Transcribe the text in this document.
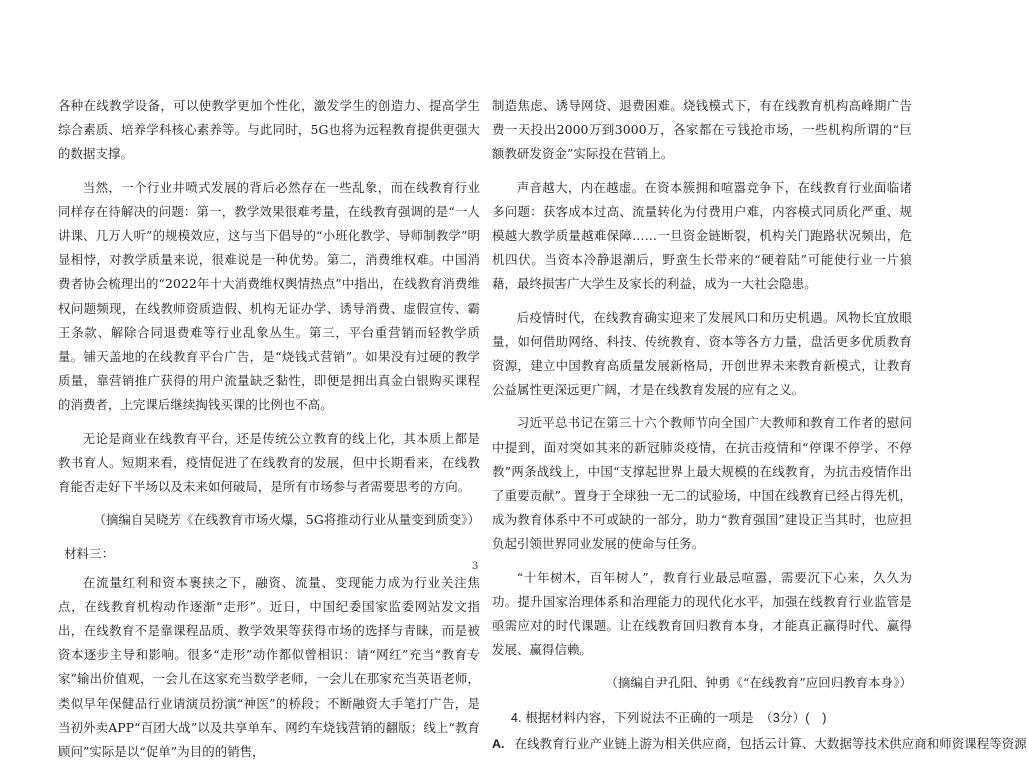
各种在线教学设备，可以使教学更加个性化，激发学生的创造力、提高学生综合素质、培养学科核心素养等。与此同时，5G也将为远程教育提供更强大的数据支撑。

当然，一个行业井喷式发展的背后必然存在一些乱象，而在线教育行业同样存在待解决的问题：第一，教学效果很难考量，在线教育强调的是“一人讲课、几万人听”的规模效应，这与当下倡导的“小班化教学、导师制教学”明显相悖，对教学质量来说，很难说是一种优势。第二，消费维权难。中国消费者协会梳理出的“2022年十大消费维权舆情热点”中指出，在线教育消费维权问题频现，在线教师资质造假、机构无证办学、诱导消费、虚假宣传、霸王条款、解除合同退费难等行业乱象丛生。第三，平台重营销而轻教学质量。铺天盖地的在线教育平台广告，是“烧钱式营销”。如果没有过硬的教学质量，靠营销推广获得的用户流量缺乏黏性，即便是拥出真金白银购买课程的消费者，上完课后继续掏钱买课的比例也不高。

无论是商业在线教育平台，还是传统公立教育的线上化，其本质上都是教书育人。短期来看，疫情促进了在线教育的发展，但中长期看来，在线教育能否走好下半场以及未来如何破局，是所有市场参与者需要思考的方向。

（摘编自吴晓芳《在线教育市场火爆，5G将推动行业从量变到质变》）

材料三：

在流量红利和资本裹挟之下，融资、流量、变现能力成为行业关注焦点，在线教育机构动作逐渐“走形”。近日，中国纪委国家监委网站发文指出，在线教育不是靠课程品质、教学效果等获得市场的选择与青睐，而是被资本逐步主导和影响。很多“走形”动作都似曾相识：请“网红”充当“教育专家”输出价值观，一会儿在这家充当数学老师，一会儿在那家充当英语老师，类似早年保健品行业请演员扮演“神医”的桥段；不断融资大手笔打广告，是当初外卖APP“百团大战”以及共享单车、网约车烧钱营销的翻版；线上“教育顾问”实际是以“促单”为目的的销售，

3

制造焦虑、诱导网贷、退费困难。烧钱模式下，有在线教育机构高峰期广告费一天投出2000万到3000万，各家都在亏钱抢市场，一些机构所谓的“巨额教研发资金”实际投在营销上。

声音越大，内在越虚。在资本簇拥和喧嚣竞争下，在线教育行业面临诸多问题：获客成本过高、流量转化为付费用户难，内容模式同质化严重、规模越大教学质量越难保障……一旦资金链断裂，机构关门跑路状况频出，危机四伏。当资本冷静退潮后，野蛮生长带来的“硬着陆”可能使行业一片狼藉，最终损害广大学生及家长的利益，成为一大社会隐患。

后疫情时代，在线教育确实迎来了发展风口和历史机遇。风物长宜放眼量，如何借助网络、科技、传统教育、资本等各方力量，盘活更多优质教育资源，建立中国教育高质量发展新格局，开创世界未来教育新模式，让教育公益属性更深远更广阔，才是在线教育发展的应有之义。

习近平总书记在第三十六个教师节向全国广大教师和教育工作者的慰问中提到，面对突如其来的新冠肺炎疫情，在抗击疫情和“停课不停学、不停教”两条战线上，中国“支撑起世界上最大规模的在线教育，为抗击疫情作出了重要贡献”。置身于全球独一无二的试验场，中国在线教育已经占得先机，成为教育体系中不可或缺的一部分，助力“教育强国”建设正当其时，也应担负起引领世界同业发展的使命与任务。

“十年树木，百年树人”，教育行业最忌喧嚣，需要沉下心来，久久为功。提升国家治理体系和治理能力的现代化水平，加强在线教育行业监管是亟需应对的时代课题。让在线教育回归教育本身，才能真正赢得时代、赢得发展、赢得信赖。

（摘编自尹孔阳、钟勇《“在线教育”应回归教育本身》）

4. 根据材料内容，下列说法不正确的一项是　（3分）(　)

A. 在线教育行业产业链上游为相关供应商，包括云计算、大数据等技术供应商和师资课程等资源
